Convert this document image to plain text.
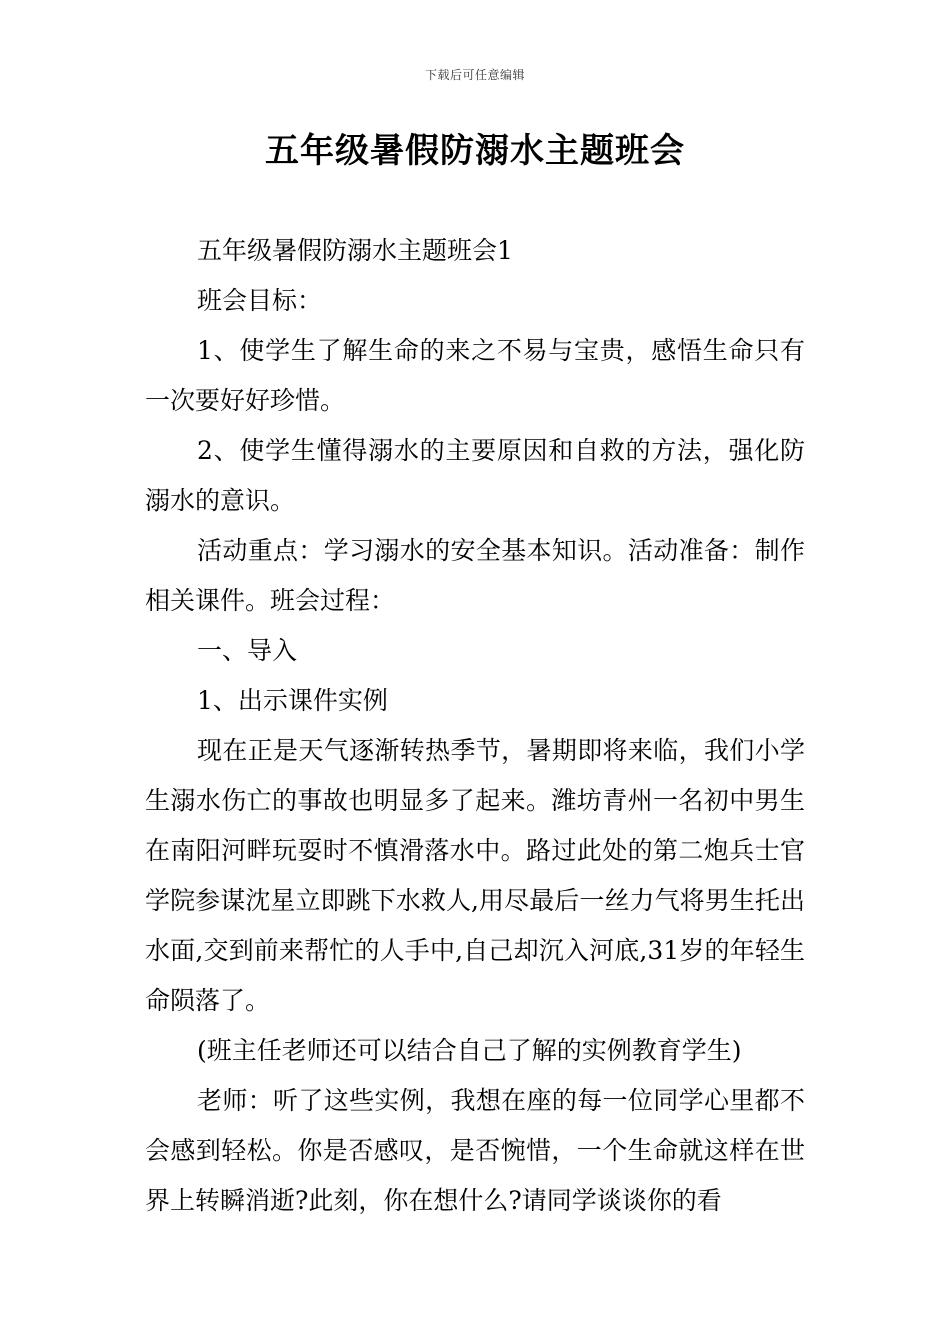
下载后可任意编辑
五年级暑假防溺水主题班会

五年级暑假防溺水主题班会1

班会目标：

1、使学生了解生命的来之不易与宝贵，感悟生命只有一次要好好珍惜。

2、使学生懂得溺水的主要原因和自救的方法，强化防溺水的意识。

活动重点：学习溺水的安全基本知识。活动准备：制作相关课件。班会过程：

一、导入

1、出示课件实例

现在正是天气逐渐转热季节，暑期即将来临，我们小学生溺水伤亡的事故也明显多了起来。潍坊青州一名初中男生在南阳河畔玩耍时不慎滑落水中。路过此处的第二炮兵士官学院参谋沈星立即跳下水救人,用尽最后一丝力气将男生托出水面,交到前来帮忙的人手中,自己却沉入河底,31岁的年轻生命陨落了。

(班主任老师还可以结合自己了解的实例教育学生)

老师：听了这些实例，我想在座的每一位同学心里都不会感到轻松。你是否感叹，是否惋惜，一个生命就这样在世界上转瞬消逝?此刻，你在想什么?请同学谈谈你的看
